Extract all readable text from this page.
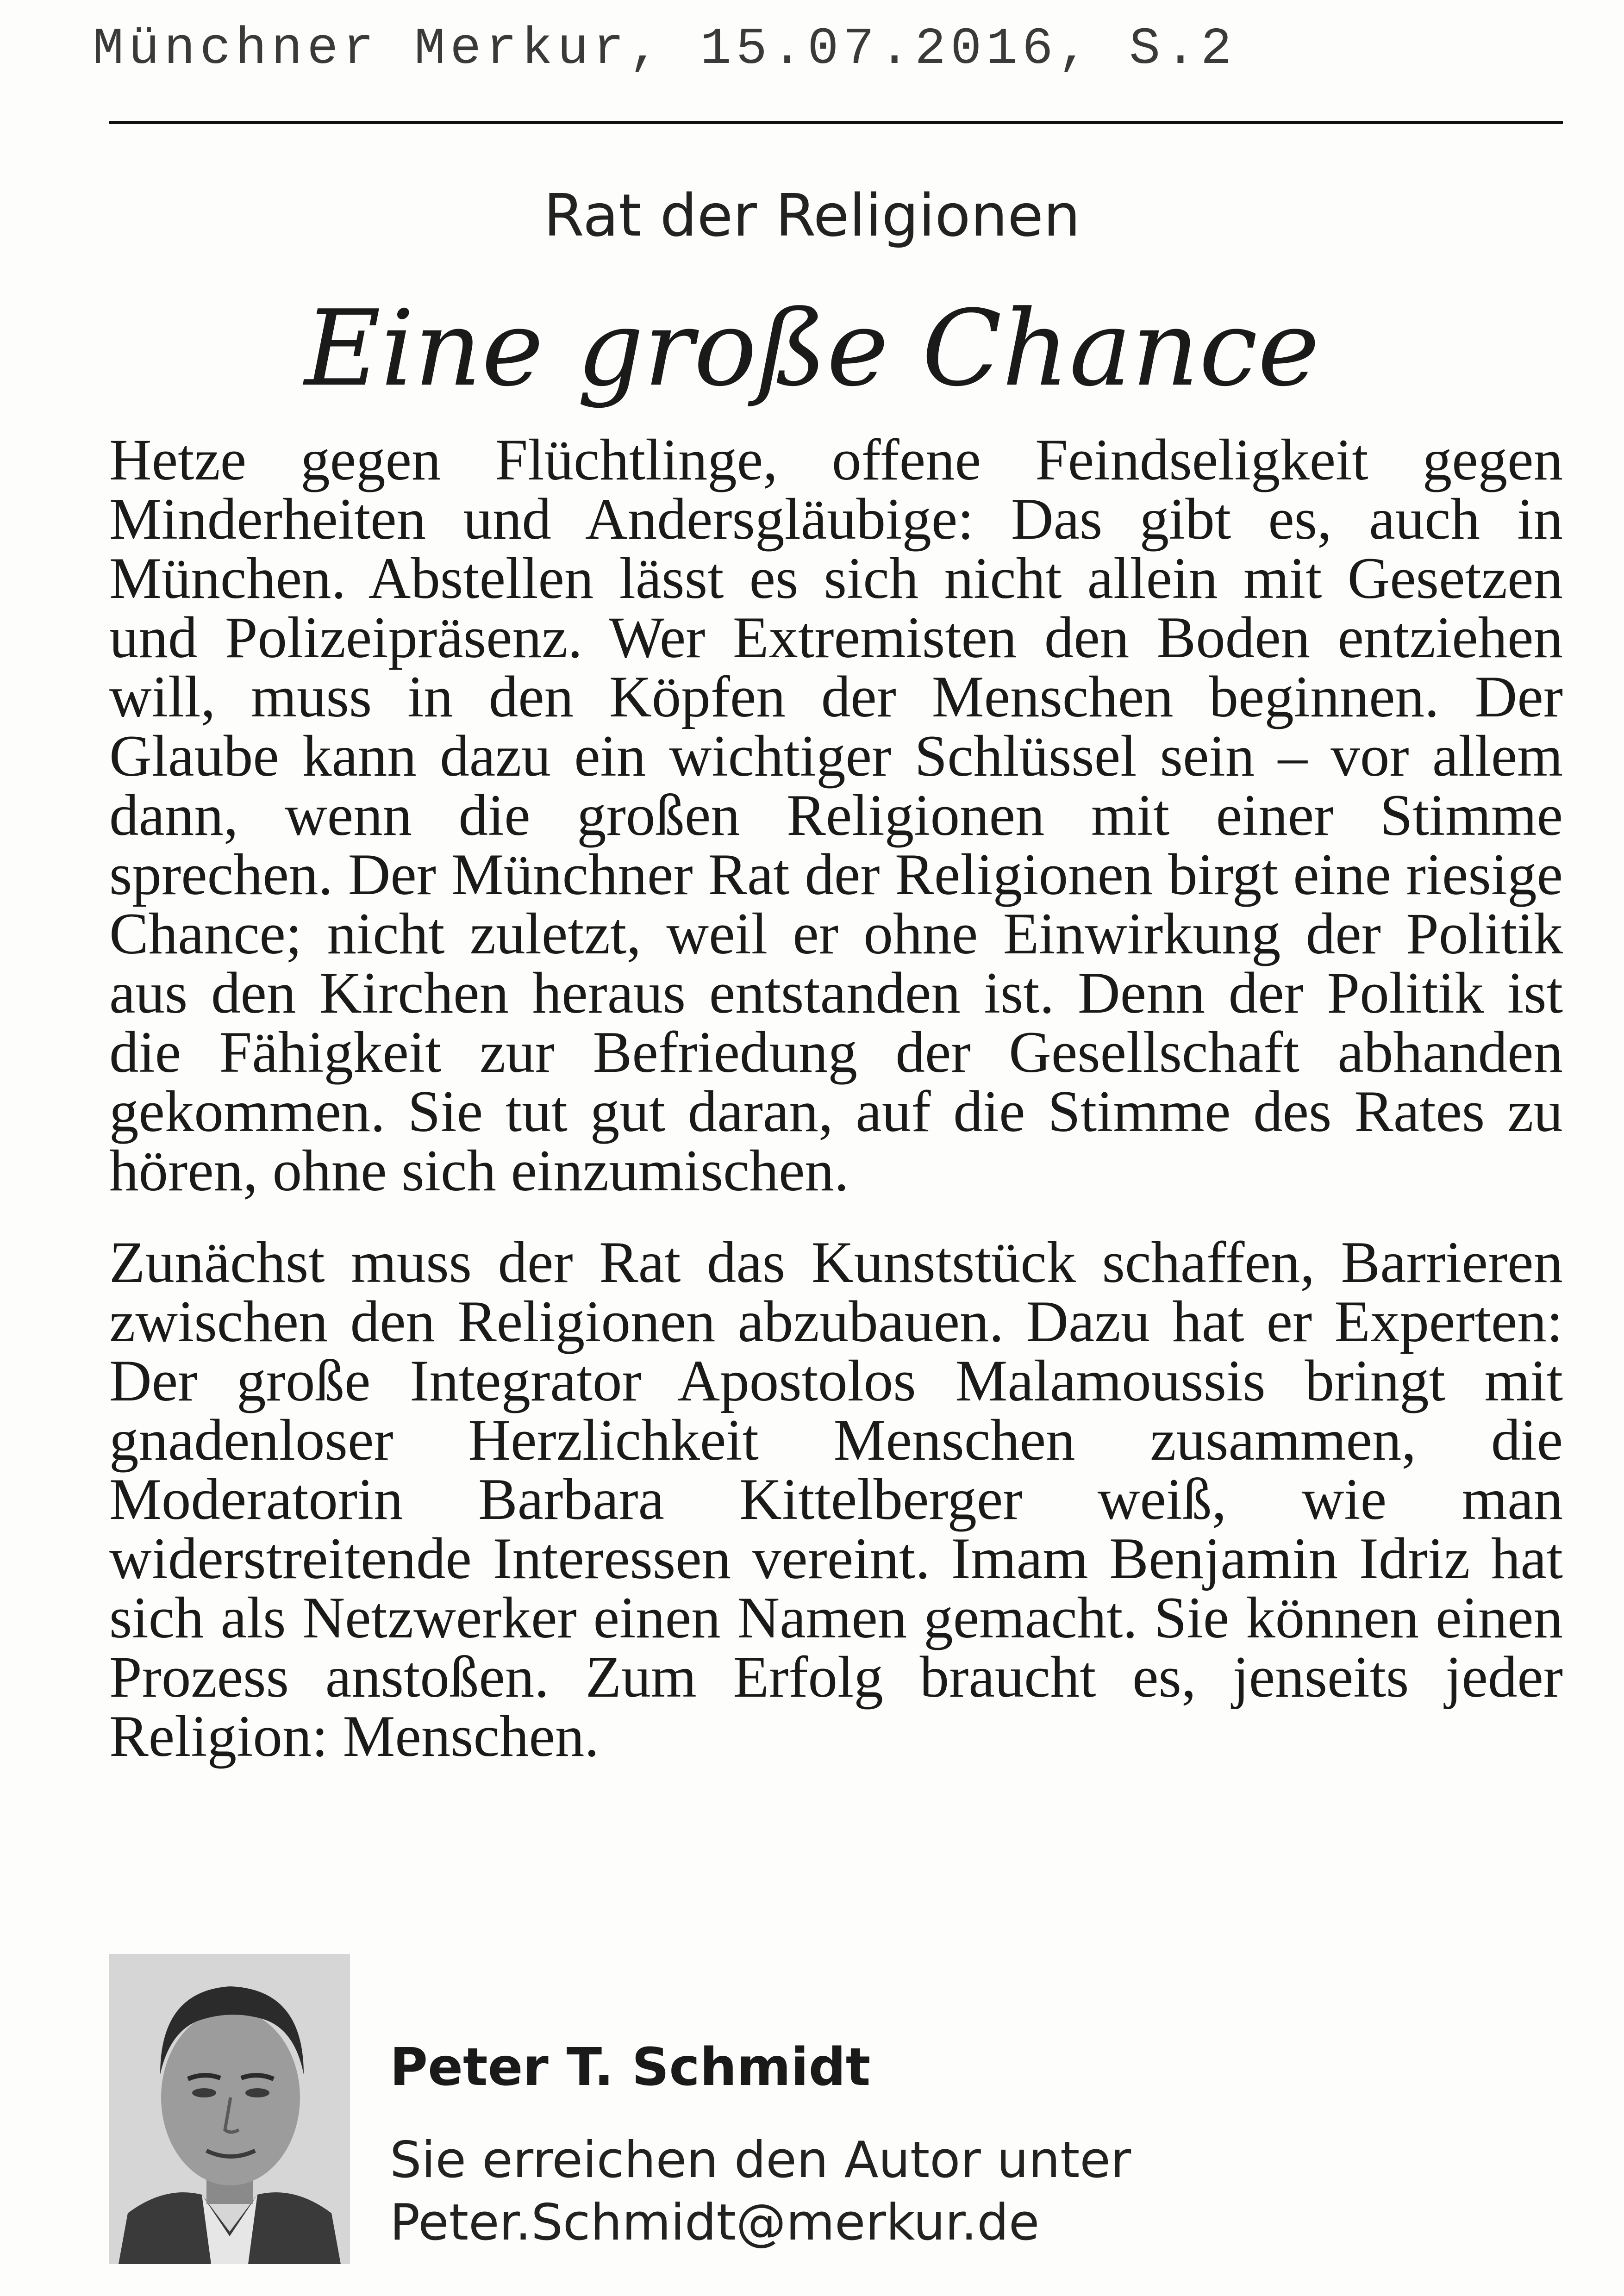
Münchner Merkur, 15.07.2016, S.2
Rat der Religionen
Eine große Chance

Hetze gegen Flüchtlinge, offene Feindseligkeit gegen Minderheiten und Andersgläubige: Das gibt es, auch in München. Abstellen lässt es sich nicht allein mit Gesetzen und Polizeipräsenz. Wer Extremisten den Boden entziehen will, muss in den Köpfen der Menschen beginnen. Der Glaube kann dazu ein wichtiger Schlüssel sein – vor allem dann, wenn die großen Religionen mit einer Stimme sprechen. Der Münchner Rat der Religionen birgt eine riesige Chance; nicht zuletzt, weil er ohne Einwirkung der Politik aus den Kirchen heraus entstanden ist. Denn der Politik ist die Fähigkeit zur Befriedung der Gesellschaft abhanden gekommen. Sie tut gut daran, auf die Stimme des Rates zu hören, ohne sich einzumischen.

Zunächst muss der Rat das Kunststück schaffen, Barrieren zwischen den Religionen abzubauen. Dazu hat er Experten: Der große Integrator Apostolos Malamoussis bringt mit gnadenloser Herzlichkeit Menschen zusammen, die Moderatorin Barbara Kittelberger weiß, wie man widerstreitende Interessen vereint. Imam Benjamin Idriz hat sich als Netzwerker einen Namen gemacht. Sie können einen Prozess anstoßen. Zum Erfolg braucht es, jenseits jeder Religion: Menschen.

Peter T. Schmidt
Sie erreichen den Autor unter
Peter.Schmidt@merkur.de
